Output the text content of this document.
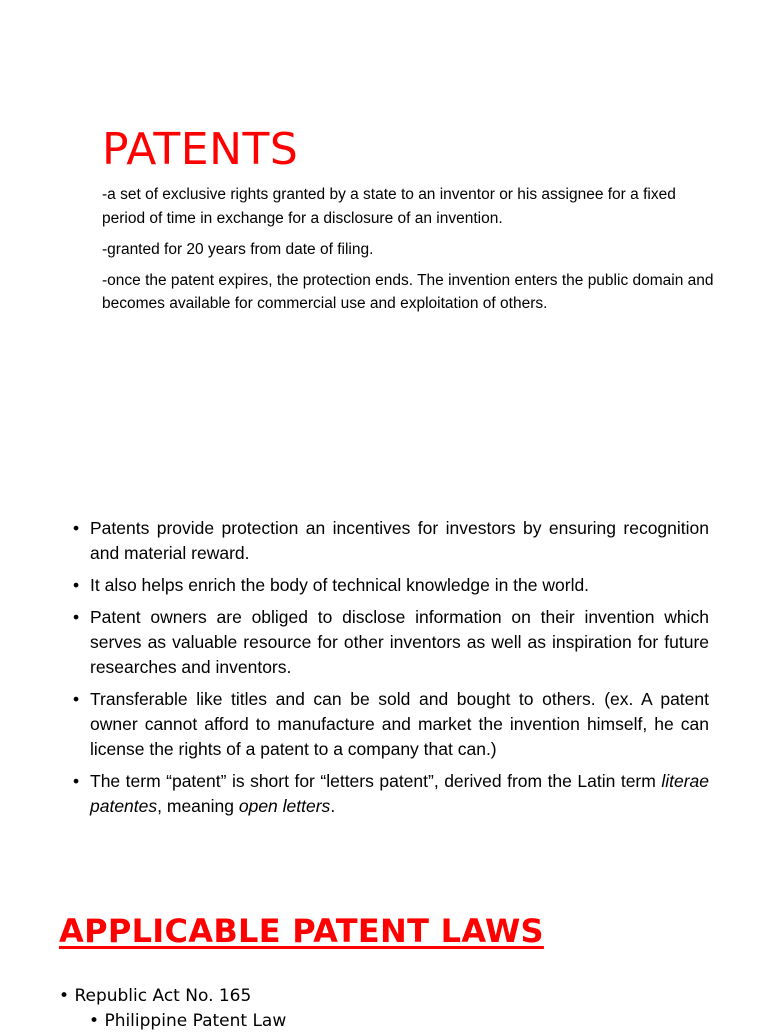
PATENTS

-a set of exclusive rights granted by a state to an inventor or his assignee for a fixed period of time in exchange for a disclosure of an invention.

-granted for 20 years from date of filing.

-once the patent expires, the protection ends. The invention enters the public domain and becomes available for commercial use and exploitation of others.

• Patents provide protection an incentives for investors by ensuring recognition and material reward.
• It also helps enrich the body of technical knowledge in the world.
• Patent owners are obliged to disclose information on their invention which serves as valuable resource for other inventors as well as inspiration for future researches and inventors.
• Transferable like titles and can be sold and bought to others. (ex. A patent owner cannot afford to manufacture and market the invention himself, he can license the rights of a patent to a company that can.)
• The term “patent” is short for “letters patent”, derived from the Latin term literae patentes, meaning open letters.
APPLICABLE PATENT LAWS
• Republic Act No. 165
• Philippine Patent Law
